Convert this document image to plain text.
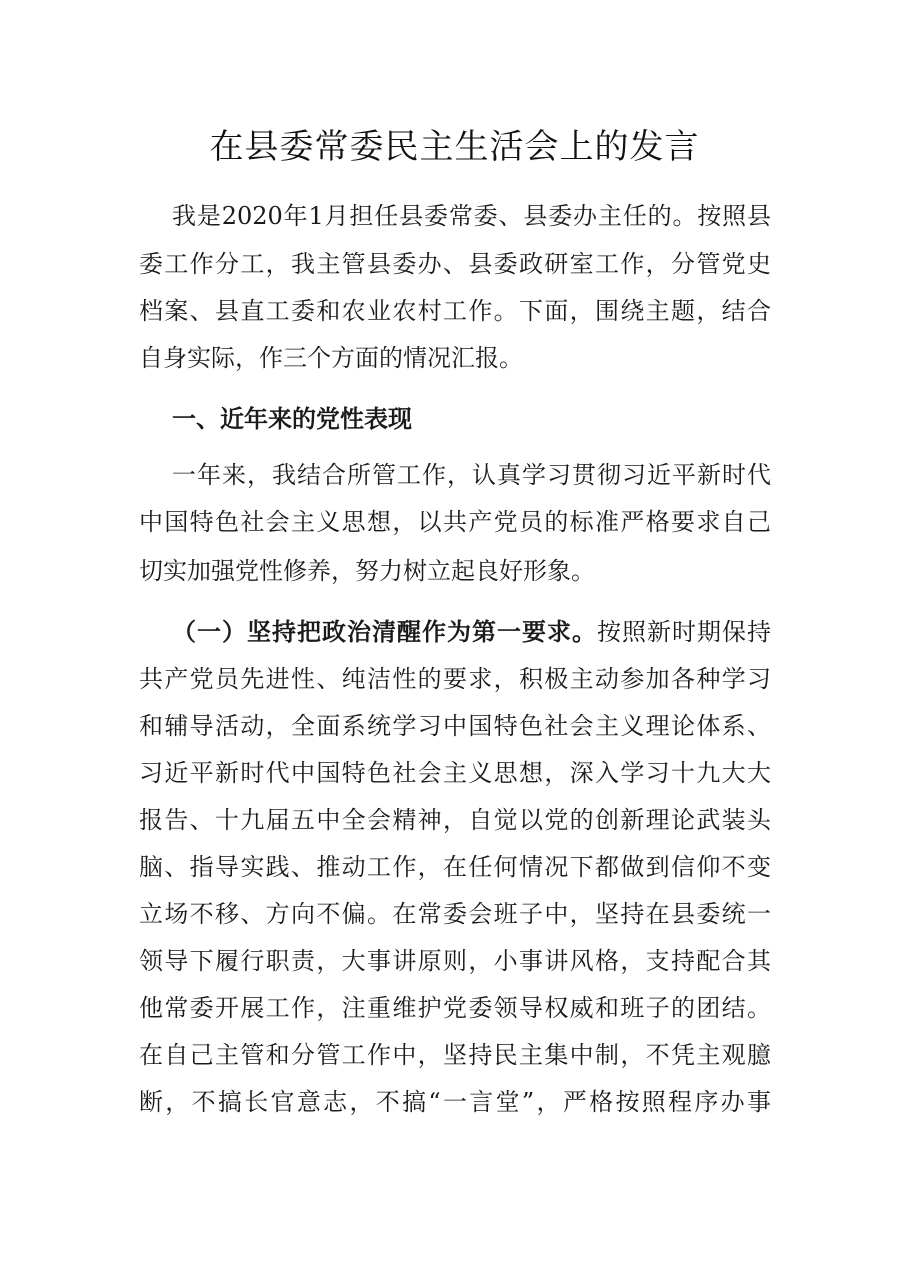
在县委常委民主生活会上的发言

我是2020年1月担任县委常委、县委办主任的。按照县

委工作分工，我主管县委办、县委政研室工作，分管党史

档案、县直工委和农业农村工作。下面，围绕主题，结合

自身实际，作三个方面的情况汇报。

一、近年来的党性表现

一年来，我结合所管工作，认真学习贯彻习近平新时代

中国特色社会主义思想，以共产党员的标准严格要求自己

切实加强党性修养，努力树立起良好形象。

（一）坚持把政治清醒作为第一要求。按照新时期保持

共产党员先进性、纯洁性的要求，积极主动参加各种学习

和辅导活动，全面系统学习中国特色社会主义理论体系、

习近平新时代中国特色社会主义思想，深入学习十九大大

报告、十九届五中全会精神，自觉以党的创新理论武装头

脑、指导实践、推动工作，在任何情况下都做到信仰不变

立场不移、方向不偏。在常委会班子中，坚持在县委统一

领导下履行职责，大事讲原则，小事讲风格，支持配合其

他常委开展工作，注重维护党委领导权威和班子的团结。

在自己主管和分管工作中，坚持民主集中制，不凭主观臆

断，不搞长官意志，不搞“一言堂”，严格按照程序办事
